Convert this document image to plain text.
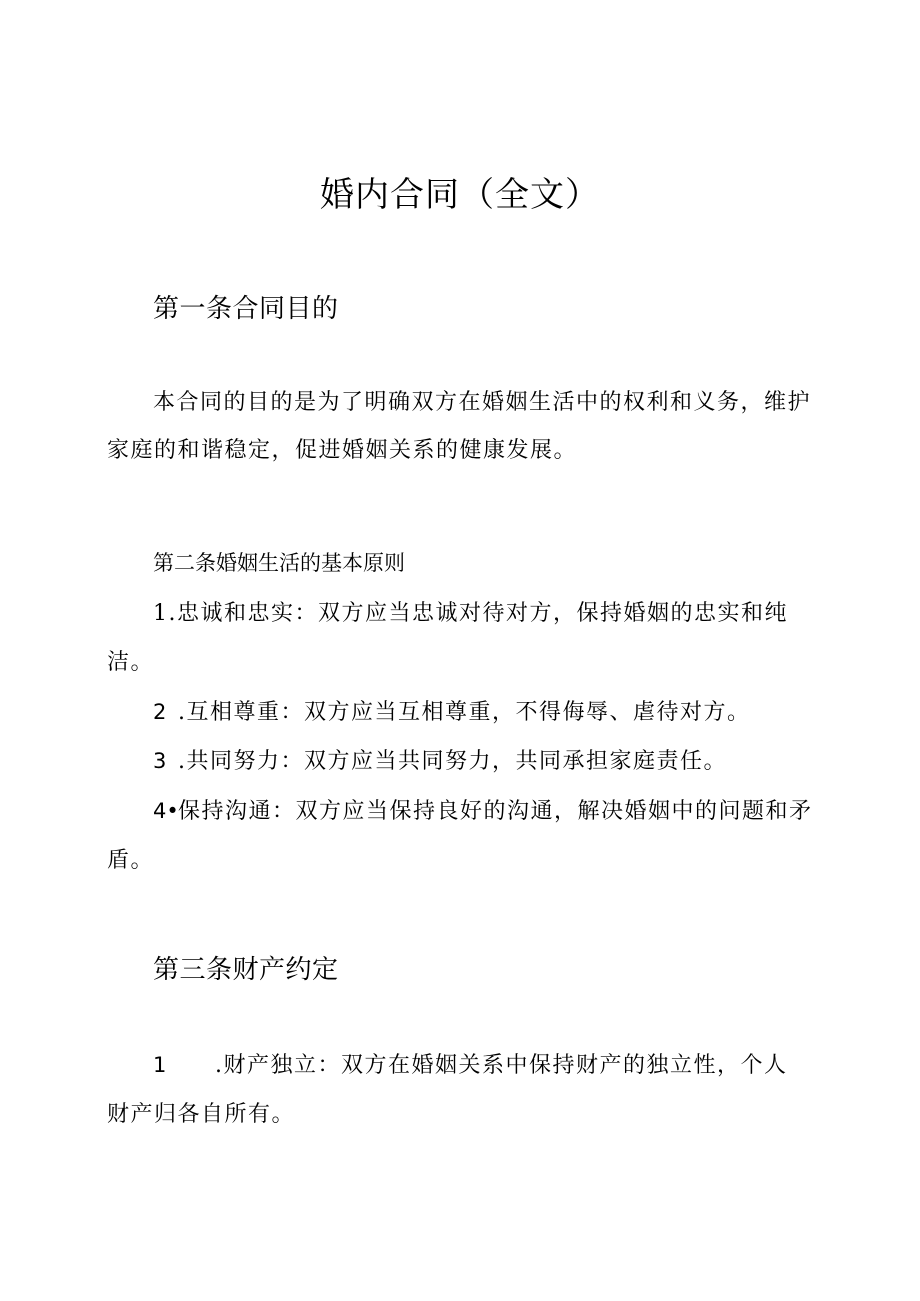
婚内合同（全文）
第一条合同目的
本合同的目的是为了明确双方在婚姻生活中的权利和义务，维护
家庭的和谐稳定，促进婚姻关系的健康发展。
第二条婚姻生活的基本原则
1.忠诚和忠实：双方应当忠诚对待对方，保持婚姻的忠实和纯
洁。
2 .互相尊重：双方应当互相尊重，不得侮辱、虐待对方。
3 .共同努力：双方应当共同努力，共同承担家庭责任。
4• 保持沟通：双方应当保持良好的沟通，解决婚姻中的问题和矛
盾。
第三条财产约定
1 .财产独立：双方在婚姻关系中保持财产的独立性，个人
财产归各自所有。
